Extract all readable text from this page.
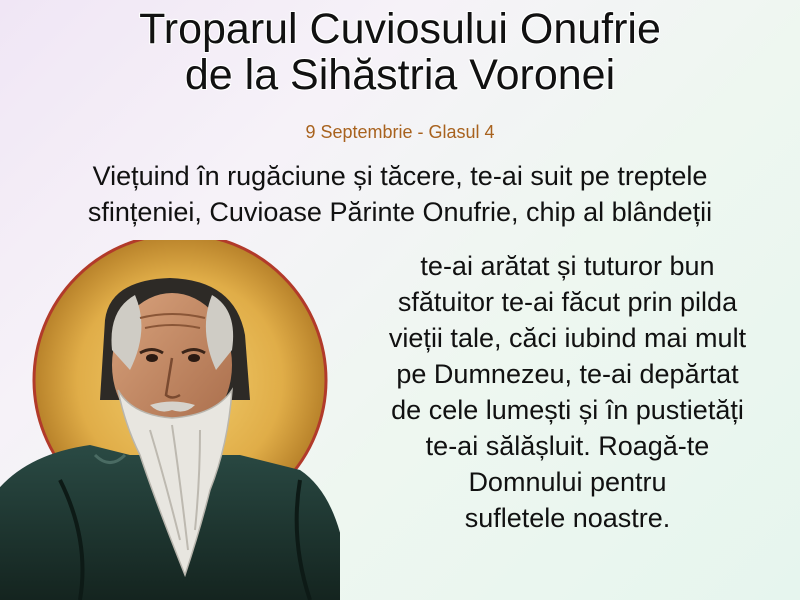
Troparul Cuviosului Onufrie
de la Sihăstria Voronei
9 Septembrie - Glasul 4
Viețuind în rugăciune și tăcere, te-ai suit pe treptele
sfințeniei, Cuvioase Părinte Onufrie, chip al blândeții
te-ai arătat și tuturor bun
sfătuitor te-ai făcut prin pilda
vieții tale, căci iubind mai mult
pe Dumnezeu, te-ai depărtat
de cele lumești și în pustietăți
te-ai sălășluit. Roagă-te
Domnului pentru
sufletele noastre.
